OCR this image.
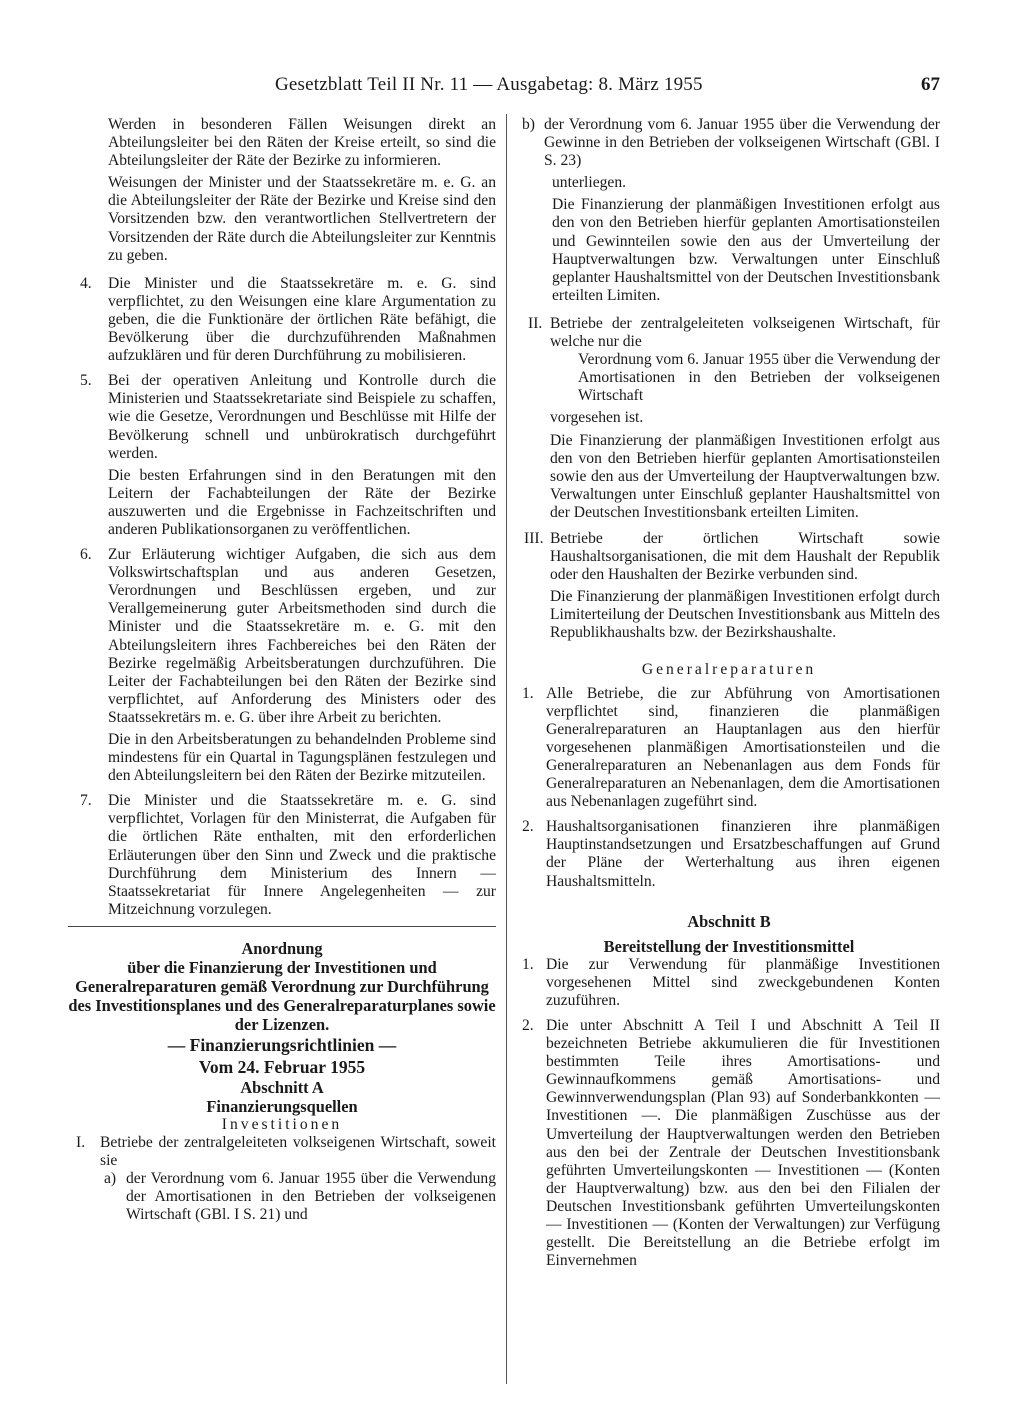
Gesetzblatt Teil II Nr. 11 — Ausgabetag: 8. März 1955	67

Werden in besonderen Fällen Weisungen direkt an Abteilungsleiter bei den Räten der Kreise erteilt, so sind die Abteilungsleiter der Räte der Bezirke zu informieren.

Weisungen der Minister und der Staatssekretäre m. e. G. an die Abteilungsleiter der Räte der Bezirke und Kreise sind den Vorsitzenden bzw. den verantwortlichen Stellvertretern der Vorsitzenden der Räte durch die Abteilungsleiter zur Kenntnis zu geben.

4. Die Minister und die Staatssekretäre m. e. G. sind verpflichtet, zu den Weisungen eine klare Argumentation zu geben, die die Funktionäre der örtlichen Räte befähigt, die Bevölkerung über die durchzuführenden Maßnahmen aufzuklären und für deren Durchführung zu mobilisieren.

5. Bei der operativen Anleitung und Kontrolle durch die Ministerien und Staatssekretariate sind Beispiele zu schaffen, wie die Gesetze, Verordnungen und Beschlüsse mit Hilfe der Bevölkerung schnell und unbürokratisch durchgeführt werden.

Die besten Erfahrungen sind in den Beratungen mit den Leitern der Fachabteilungen der Räte der Bezirke auszuwerten und die Ergebnisse in Fachzeitschriften und anderen Publikationsorganen zu veröffentlichen.

6. Zur Erläuterung wichtiger Aufgaben, die sich aus dem Volkswirtschaftsplan und aus anderen Gesetzen, Verordnungen und Beschlüssen ergeben, und zur Verallgemeinerung guter Arbeitsmethoden sind durch die Minister und die Staatssekretäre m. e. G. mit den Abteilungsleitern ihres Fachbereiches bei den Räten der Bezirke regelmäßig Arbeitsberatungen durchzuführen. Die Leiter der Fachabteilungen bei den Räten der Bezirke sind verpflichtet, auf Anforderung des Ministers oder des Staatssekretärs m. e. G. über ihre Arbeit zu berichten.

Die in den Arbeitsberatungen zu behandelnden Probleme sind mindestens für ein Quartal in Tagungsplänen festzulegen und den Abteilungsleitern bei den Räten der Bezirke mitzuteilen.

7. Die Minister und die Staatssekretäre m. e. G. sind verpflichtet, Vorlagen für den Ministerrat, die Aufgaben für die örtlichen Räte enthalten, mit den erforderlichen Erläuterungen über den Sinn und Zweck und die praktische Durchführung dem Ministerium des Innern — Staatssekretariat für Innere Angelegenheiten — zur Mitzeichnung vorzulegen.

Anordnung
über die Finanzierung der Investitionen und Generalreparaturen gemäß Verordnung zur Durchführung des Investitionsplanes und des Generalreparaturplanes sowie der Lizenzen.
— Finanzierungsrichtlinien —
Vom 24. Februar 1955
Abschnitt A
Finanzierungsquellen
Investitionen
I. Betriebe der zentralgeleiteten volkseigenen Wirtschaft, soweit sie

a) der Verordnung vom 6. Januar 1955 über die Verwendung der Amortisationen in den Betrieben der volkseigenen Wirtschaft (GBl. I S. 21) und

b) der Verordnung vom 6. Januar 1955 über die Verwendung der Gewinne in den Betrieben der volkseigenen Wirtschaft (GBl. I S. 23)

unterliegen.

Die Finanzierung der planmäßigen Investitionen erfolgt aus den von den Betrieben hierfür geplanten Amortisationsteilen und Gewinnteilen sowie den aus der Umverteilung der Hauptverwaltungen bzw. Verwaltungen unter Einschluß geplanter Haushaltsmittel von der Deutschen Investitionsbank erteilten Limiten.

II. Betriebe der zentralgeleiteten volkseigenen Wirtschaft, für welche nur die

Verordnung vom 6. Januar 1955 über die Verwendung der Amortisationen in den Betrieben der volkseigenen Wirtschaft

vorgesehen ist.

Die Finanzierung der planmäßigen Investitionen erfolgt aus den von den Betrieben hierfür geplanten Amortisationsteilen sowie den aus der Umverteilung der Hauptverwaltungen bzw. Verwaltungen unter Einschluß geplanter Haushaltsmittel von der Deutschen Investitionsbank erteilten Limiten.

III. Betriebe der örtlichen Wirtschaft sowie Haushaltsorganisationen, die mit dem Haushalt der Republik oder den Haushalten der Bezirke verbunden sind.

Die Finanzierung der planmäßigen Investitionen erfolgt durch Limiterteilung der Deutschen Investitionsbank aus Mitteln des Republikhaushalts bzw. der Bezirkshaushalte.

Generalreparaturen
1. Alle Betriebe, die zur Abführung von Amortisationen verpflichtet sind, finanzieren die planmäßigen Generalreparaturen an Hauptanlagen aus den hierfür vorgesehenen planmäßigen Amortisationsteilen und die Generalreparaturen an Nebenanlagen aus dem Fonds für Generalreparaturen an Nebenanlagen, dem die Amortisationen aus Nebenanlagen zugeführt sind.

2. Haushaltsorganisationen finanzieren ihre planmäßigen Hauptinstandsetzungen und Ersatzbeschaffungen auf Grund der Pläne der Werterhaltung aus ihren eigenen Haushaltsmitteln.

Abschnitt B
Bereitstellung der Investitionsmittel
1. Die zur Verwendung für planmäßige Investitionen vorgesehenen Mittel sind zweckgebundenen Konten zuzuführen.

2. Die unter Abschnitt A Teil I und Abschnitt A Teil II bezeichneten Betriebe akkumulieren die für Investitionen bestimmten Teile ihres Amortisations- und Gewinnaufkommens gemäß Amortisations- und Gewinnverwendungsplan (Plan 93) auf Sonderbankkonten — Investitionen —. Die planmäßigen Zuschüsse aus der Umverteilung der Hauptverwaltungen werden den Betrieben aus den bei der Zentrale der Deutschen Investitionsbank geführten Umverteilungskonten — Investitionen — (Konten der Hauptverwaltung) bzw. aus den bei den Filialen der Deutschen Investitionsbank geführten Umverteilungskonten — Investitionen — (Konten der Verwaltungen) zur Verfügung gestellt. Die Bereitstellung an die Betriebe erfolgt im Einvernehmen
